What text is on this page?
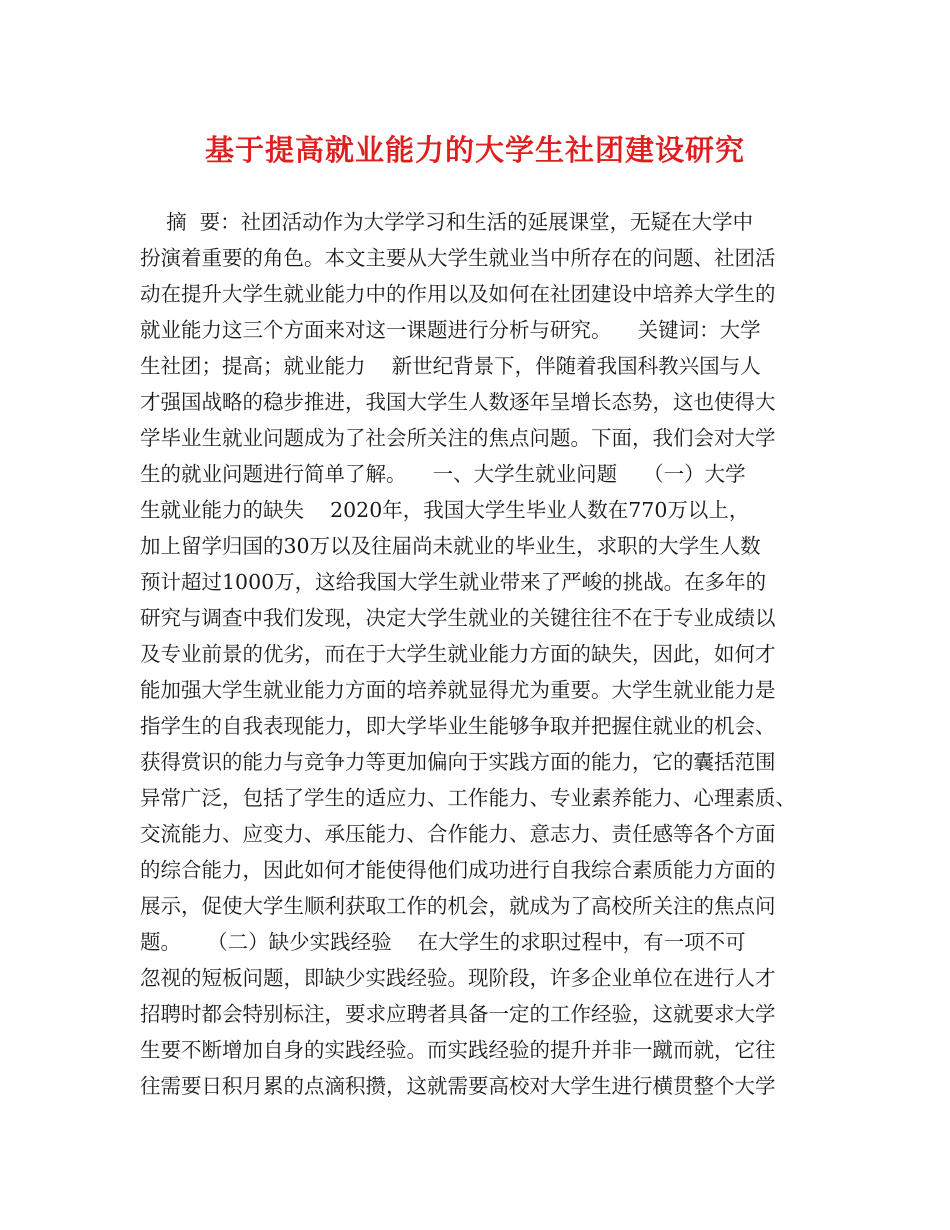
基于提高就业能力的大学生社团建设研究
摘  要：社团活动作为大学学习和生活的延展课堂，无疑在大学中
扮演着重要的角色。本文主要从大学生就业当中所存在的问题、社团活
动在提升大学生就业能力中的作用以及如何在社团建设中培养大学生的
就业能力这三个方面来对这一课题进行分析与研究。    关键词：大学
生社团；提高；就业能力    新世纪背景下，伴随着我国科教兴国与人
才强国战略的稳步推进，我国大学生人数逐年呈增长态势，这也使得大
学毕业生就业问题成为了社会所关注的焦点问题。下面，我们会对大学
生的就业问题进行简单了解。    一、大学生就业问题    （一）大学
生就业能力的缺失    2020年，我国大学生毕业人数在770万以上，
加上留学归国的30万以及往届尚未就业的毕业生，求职的大学生人数
预计超过1000万，这给我国大学生就业带来了严峻的挑战。在多年的
研究与调查中我们发现，决定大学生就业的关键往往不在于专业成绩以
及专业前景的优劣，而在于大学生就业能力方面的缺失，因此，如何才
能加强大学生就业能力方面的培养就显得尤为重要。大学生就业能力是
指学生的自我表现能力，即大学毕业生能够争取并把握住就业的机会、
获得赏识的能力与竞争力等更加偏向于实践方面的能力，它的囊括范围
异常广泛，包括了学生的适应力、工作能力、专业素养能力、心理素质、
交流能力、应变力、承压能力、合作能力、意志力、责任感等各个方面
的综合能力，因此如何才能使得他们成功进行自我综合素质能力方面的
展示，促使大学生顺利获取工作的机会，就成为了高校所关注的焦点问
题。    （二）缺少实践经验    在大学生的求职过程中，有一项不可
忽视的短板问题，即缺少实践经验。现阶段，许多企业单位在进行人才
招聘时都会特别标注，要求应聘者具备一定的工作经验，这就要求大学
生要不断增加自身的实践经验。而实践经验的提升并非一蹴而就，它往
往需要日积月累的点滴积攒，这就需要高校对大学生进行横贯整个大学
